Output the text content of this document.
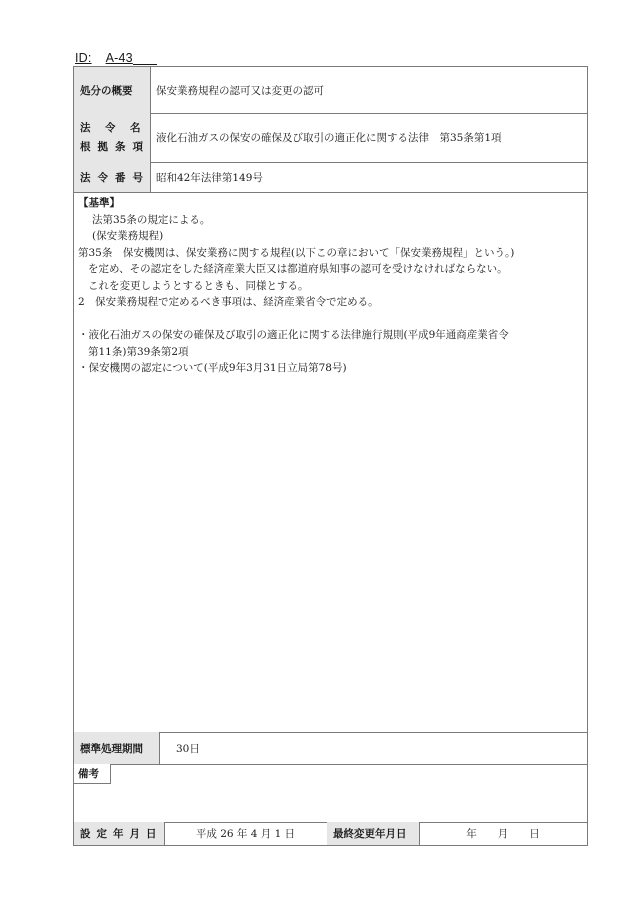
ID: A-43
処分の概要 保安業務規程の認可又は変更の認可
法　令　名
根拠条項
液化石油ガスの保安の確保及び取引の適正化に関する法律　第35条第1項
法令番号 昭和42年法律第149号

【基準】

法第35条の規定による。

(保安業務規程)

第35条　保安機関は、保安業務に関する規程(以下この章において「保安業務規程」という。)

を定め、その認定をした経済産業大臣又は都道府県知事の認可を受けなければならない。

これを変更しようとするときも、同様とする。

2　保安業務規程で定めるべき事項は、経済産業省令で定める。

・液化石油ガスの保安の確保及び取引の適正化に関する法律施行規則(平成9年通商産業省令

第11条)第39条第2項

・保安機関の認定について(平成9年3月31日立局第78号)

標準処理期間	30日
備考
設定年月日	平成 26 年 4 月 1 日	最終変更年月日	年　　月　　日
